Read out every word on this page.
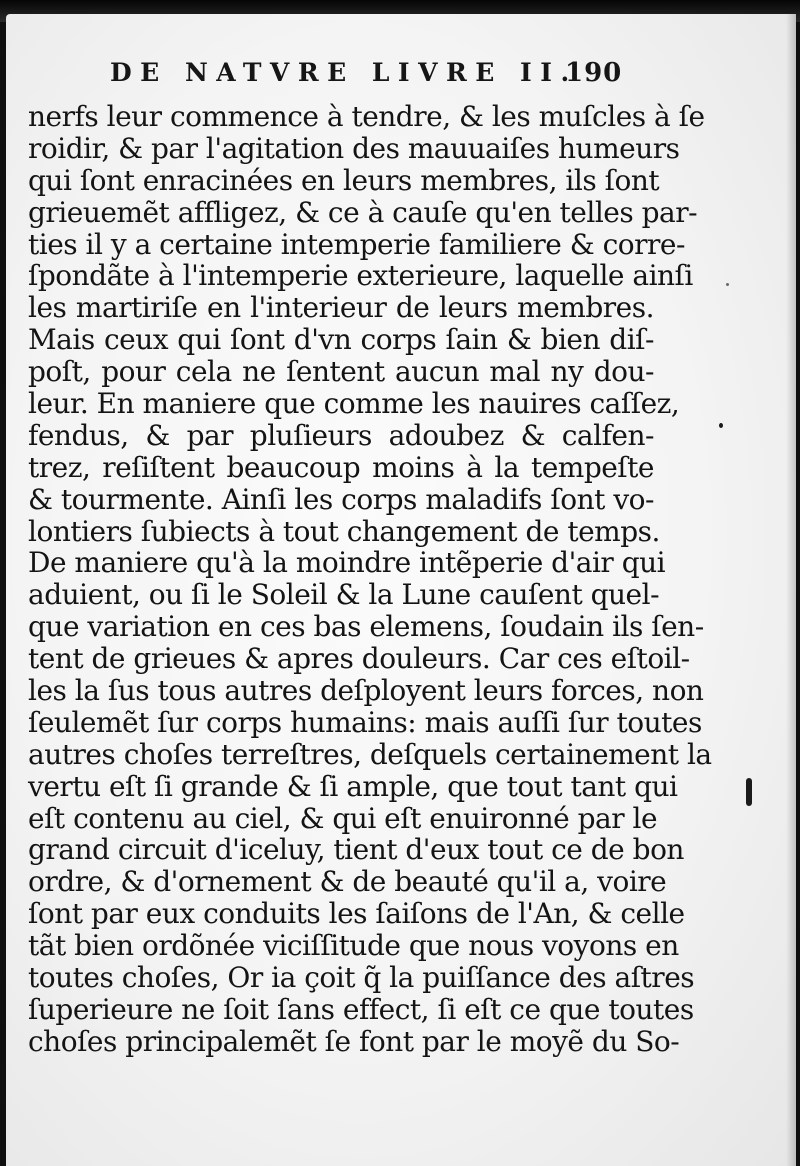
DE NATVRE LIVRE II.
190
nerfs leur commence à tendre, & les muſcles à ſe
roidir, & par l'agitation des mauuaiſes humeurs
qui ſont enracinées en leurs membres, ils ſont
grieuemẽt affligez, & ce à cauſe qu'en telles par-
ties il y a certaine intemperie familiere & corre-
ſpondãte à l'intemperie exterieure, laquelle ainſi
les martiriſe en l'interieur de leurs membres.
Mais ceux qui ſont d'vn corps ſain & bien diſ-
poſt, pour cela ne ſentent aucun mal ny dou-
leur. En maniere que comme les nauires caſſez,
fendus, & par pluſieurs adoubez & calfen-
trez, reſiſtent beaucoup moins à la tempeſte
& tourmente. Ainſi les corps maladifs ſont vo-
lontiers ſubiects à tout changement de temps.
De maniere qu'à la moindre intẽperie d'air qui
aduient, ou ſi le Soleil & la Lune cauſent quel-
que variation en ces bas elemens, ſoudain ils ſen-
tent de grieues & apres douleurs. Car ces eſtoil-
les la ſus tous autres deſployent leurs forces, non
ſeulemẽt ſur corps humains: mais auſſi ſur toutes
autres choſes terreſtres, deſquels certainement la
vertu eſt ſi grande & ſi ample, que tout tant qui
eſt contenu au ciel, & qui eſt enuironné par le
grand circuit d'iceluy, tient d'eux tout ce de bon
ordre, & d'ornement & de beauté qu'il a, voire
ſont par eux conduits les ſaiſons de l'An, & celle
tãt bien ordõnée viciſſitude que nous voyons en
toutes choſes, Or ia çoit q̃ la puiſſance des aſtres
ſuperieure ne ſoit ſans effect, ſi eſt ce que toutes
choſes principalemẽt ſe font par le moyẽ du So-
